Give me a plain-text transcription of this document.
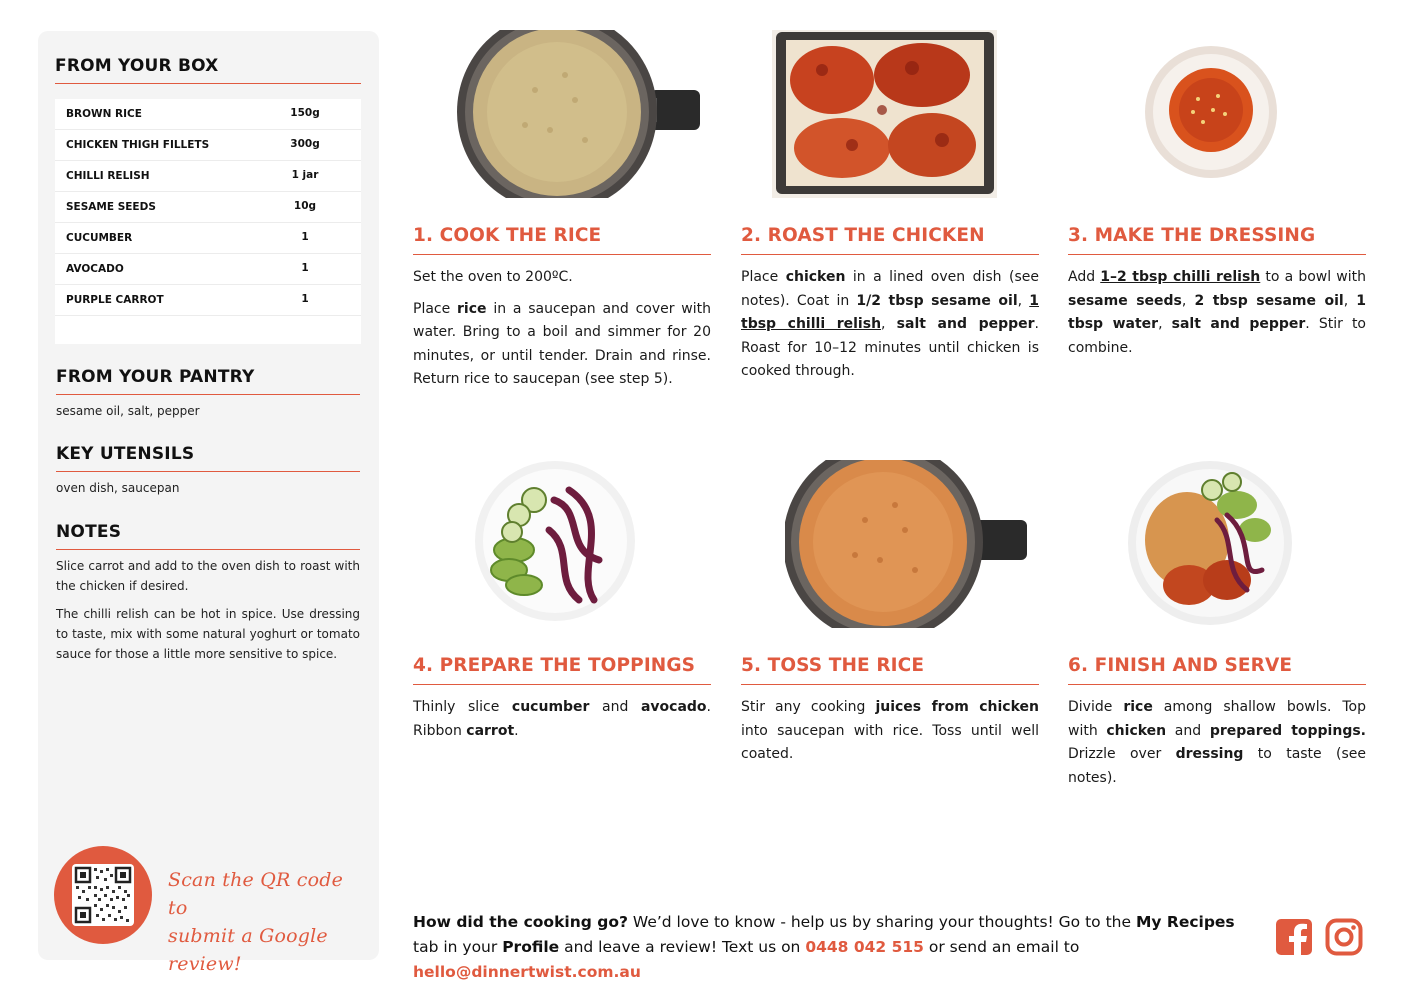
FROM YOUR BOX
BROWN RICE	150g
CHICKEN THIGH FILLETS	300g
CHILLI RELISH	1 jar
SESAME SEEDS	10g
CUCUMBER	1
AVOCADO	1
PURPLE CARROT	1
FROM YOUR PANTRY
sesame oil, salt, pepper
KEY UTENSILS
oven dish, saucepan
NOTES
Slice carrot and add to the oven dish to roast with the chicken if desired.
The chilli relish can be hot in spice. Use dressing to taste, mix with some natural yoghurt or tomato sauce for those a little more sensitive to spice.
Scan the QR code to
submit a Google review!
1. COOK THE RICE

Set the oven to 200ºC.

Place rice in a saucepan and cover with water. Bring to a boil and simmer for 20 minutes, or until tender. Drain and rinse. Return rice to saucepan (see step 5).

2. ROAST THE CHICKEN

Place chicken in a lined oven dish (see notes). Coat in 1/2 tbsp sesame oil, 1 tbsp chilli relish, salt and pepper. Roast for 10–12 minutes until chicken is cooked through.

3. MAKE THE DRESSING

Add 1–2 tbsp chilli relish to a bowl with sesame seeds, 2 tbsp sesame oil, 1 tbsp water, salt and pepper. Stir to combine.

4. PREPARE THE TOPPINGS

Thinly slice cucumber and avocado. Ribbon carrot.

5. TOSS THE RICE

Stir any cooking juices from chicken into saucepan with rice. Toss until well coated.

6. FINISH AND SERVE

Divide rice among shallow bowls. Top with chicken and prepared toppings. Drizzle over dressing to taste (see notes).

How did the cooking go? We’d love to know - help us by sharing your thoughts! Go to the My Recipes tab in your Profile and leave a review! Text us on 0448 042 515 or send an email to hello@dinnertwist.com.au
